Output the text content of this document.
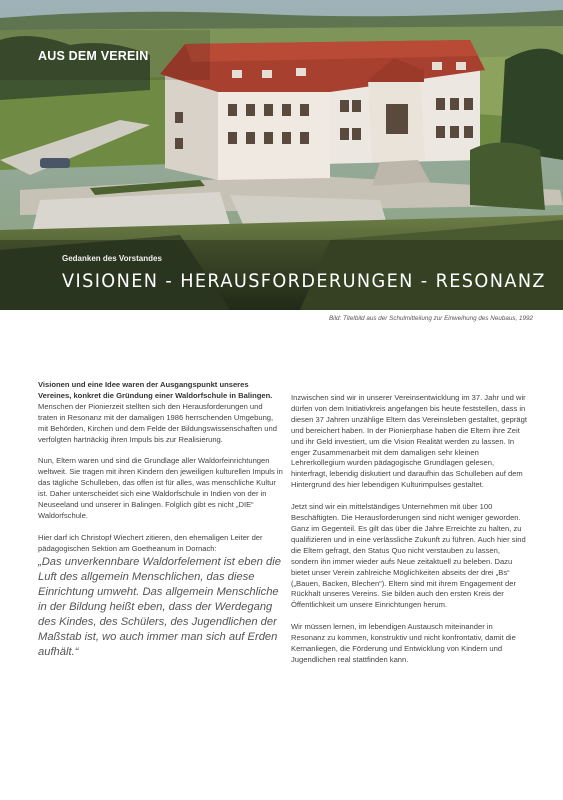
AUS DEM VEREIN
Gedanken des Vorstandes
VISIONEN - HERAUSFORDERUNGEN - RESONANZ
Bild: Titelbild aus der Schulmitteilung zur Einweihung des Neubaus, 1992

Visionen und eine Idee waren der Ausgangspunkt unseres Vereines, konkret die Gründung einer Waldorfschule in Balingen.

Menschen der Pionierzeit stellten sich den Herausforderungen und traten in Resonanz mit der damaligen 1986 herrschenden Umgebung, mit Behörden, Kirchen und dem Felde der Bildungswissenschaften und verfolgten hartnäckig ihren Impuls bis zur Realisierung.

Nun, Eltern waren und sind die Grundlage aller Waldorfeinrichtungen weltweit. Sie tragen mit ihren Kindern den jeweiligen kulturellen Impuls in das tägliche Schulleben, das offen ist für alles, was menschliche Kultur ist. Daher unterscheidet sich eine Waldorfschule in Indien von der in Neuseeland und unserer in Balingen. Folglich gibt es nicht „DIE“ Waldorfschule.

Hier darf ich Christopf Wiechert zitieren, den ehemaligen Leiter der pädagogischen Sektion am Goetheanum in Dornach:

„Das unverkennbare Waldorfelement ist eben die Luft des allgemein Menschlichen, das diese Einrichtung umweht. Das allgemein Menschliche in der Bildung heißt eben, dass der Werdegang des Kindes, des Schülers, des Jugendlichen der Maßstab ist, wo auch immer man sich auf Erden aufhält.“

Inzwischen sind wir in unserer Vereinsentwicklung im 37. Jahr und wir dürfen von dem Initiativkreis angefangen bis heute feststellen, dass in diesen 37 Jahren unzählige Eltern das Vereinsleben gestaltet, geprägt und bereichert haben. In der Pionierphase haben die Eltern ihre Zeit und ihr Geld investiert, um die Vision Realität werden zu lassen. In enger Zusammenarbeit mit dem damaligen sehr kleinen Lehrerkollegium wurden pädagogische Grundlagen gelesen, hinterfragt, lebendig diskutiert und daraufhin das Schulleben auf dem Hintergrund des hier lebendigen Kulturimpulses gestaltet.

Jetzt sind wir ein mittelständiges Unternehmen mit über 100 Beschäftigten. Die Herausforderungen sind nicht weniger geworden. Ganz im Gegenteil. Es gilt das über die Jahre Erreichte zu halten, zu qualifizieren und in eine verlässliche Zukunft zu führen. Auch hier sind die Eltern gefragt, den Status Quo nicht verstauben zu lassen, sondern ihn immer wieder aufs Neue zeitaktuell zu beleben. Dazu bietet unser Verein zahlreiche Möglichkeiten abseits der drei „Bs“ („Bauen, Backen, Blechen“). Eltern sind mit ihrem Engagement der Rückhalt unseres Vereins. Sie bilden auch den ersten Kreis der Öffentlichkeit um unsere Einrichtungen herum.

Wir müssen lernen, im lebendigen Austausch miteinander in Resonanz zu kommen, konstruktiv und nicht konfrontativ, damit die Kernanliegen, die Förderung und Entwicklung von Kindern und Jugendlichen real stattfinden kann.
